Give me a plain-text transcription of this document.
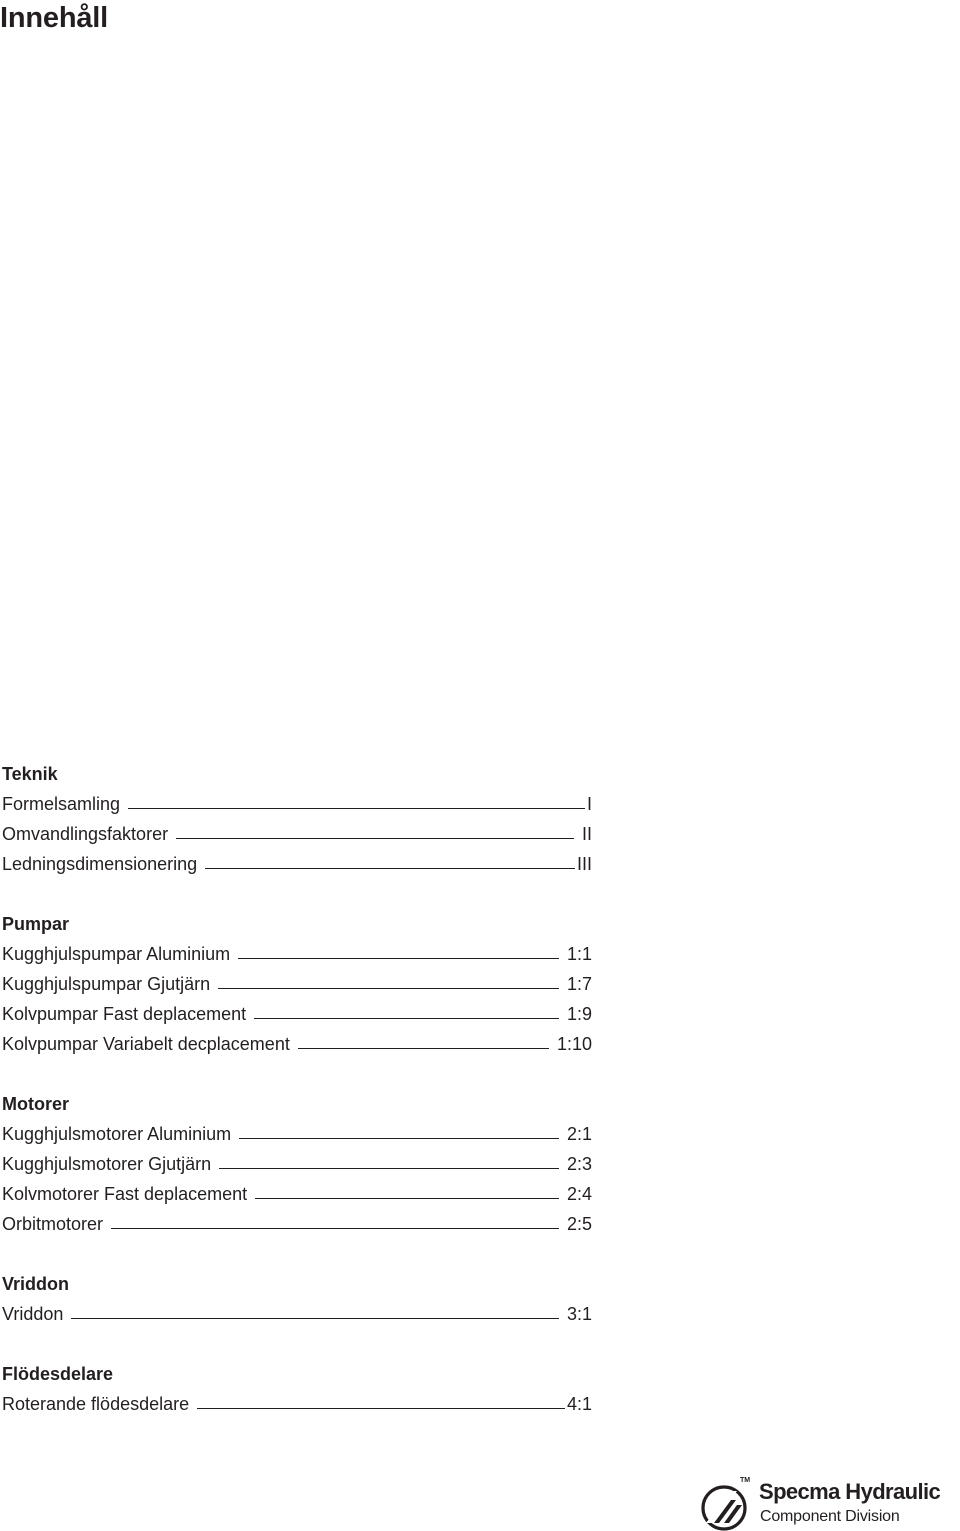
Innehåll
Teknik
Formelsamling	I
Omvandlingsfaktorer	II
Ledningsdimensionering	III
Pumpar
Kugghjulspumpar Aluminium	1:1
Kugghjulspumpar Gjutjärn	1:7
Kolvpumpar Fast deplacement	1:9
Kolvpumpar Variabelt decplacement	1:10
Motorer
Kugghjulsmotorer Aluminium	2:1
Kugghjulsmotorer Gjutjärn	2:3
Kolvmotorer Fast deplacement	2:4
Orbitmotorer	2:5
Vriddon
Vriddon	3:1
Flödesdelare
Roterande flödesdelare	4:1
TM Specma Hydraulic
Component Division
